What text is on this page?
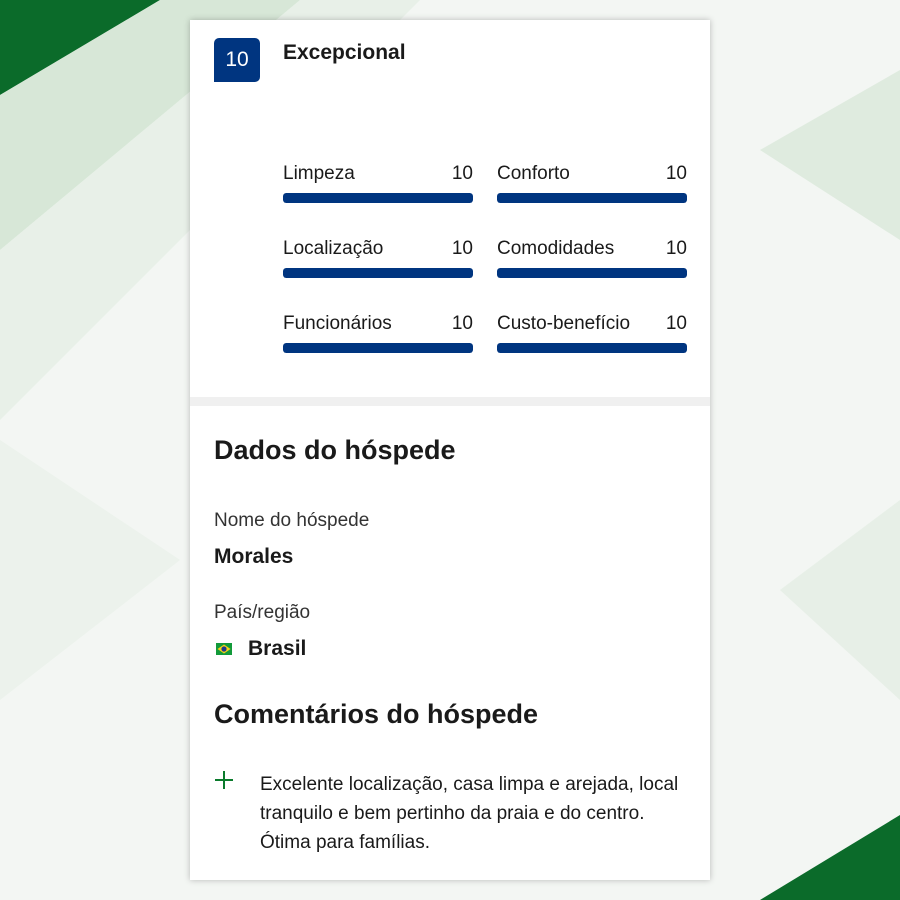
10	Excepcional
Limpeza	10 Conforto	10
Localização	10 Comodidades	10
Funcionários	10 Custo-benefício 10
Dados do hóspede
Nome do hóspede
Morales
País/região
Brasil
Comentários do hóspede
Excelente localização, casa limpa e arejada, local tranquilo e bem pertinho da praia e do centro. Ótima para famílias.
